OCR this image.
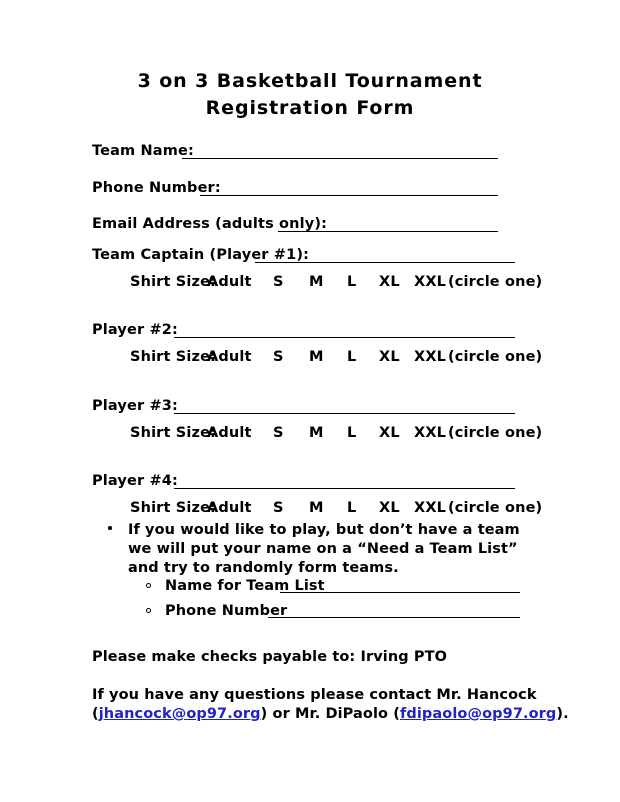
3 on 3 Basketball Tournament
Registration Form
Team Name:
Phone Number:
Email Address (adults only):
Team Captain (Player #1):
Shirt Size:
Adult S M L XL XXL (circle one)
Player #2:
Shirt Size:
Adult S M L XL XXL (circle one)
Player #3:
Shirt Size:
Adult S M L XL XXL (circle one)
Player #4:
Shirt Size:
Adult S M L XL XXL (circle one)
If you would like to play, but don’t have a team we will put your name on a “Need a Team List” and try to randomly form teams.
Name for Team List
Phone Number
Please make checks payable to: Irving PTO
If you have any questions please contact Mr. Hancock
(jhancock@op97.org) or Mr. DiPaolo (fdipaolo@op97.org).
